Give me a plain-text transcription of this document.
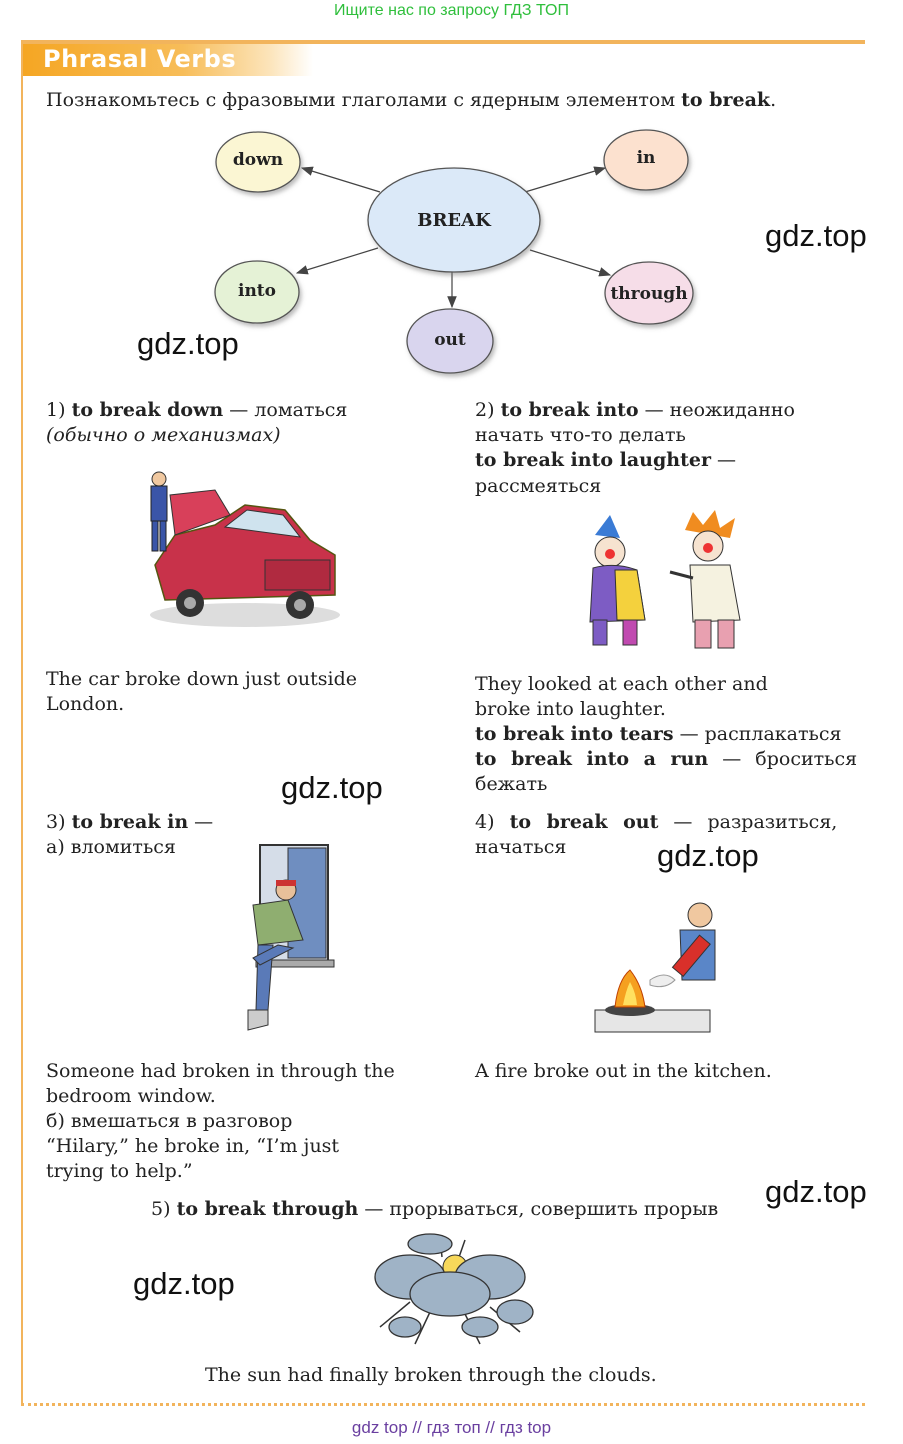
Ищите нас по запросу ГДЗ ТОП
Phrasal Verbs
Познакомьтесь с фразовыми глаголами с ядерным элементом to break.
BREAK
down	in
into	through
out
gdz.top
gdz.top
gdz.top
gdz.top
gdz.top
gdz.top
1) to break down — ломаться
(обычно о механизмах)
The car broke down just outside
London.
2) to break into — неожиданно
начать что-то делать
to break into laughter —
рассмеяться
They looked at each other and
broke into laughter.
to break into tears — расплакаться
to break into a run — броситься
бежать
3) to break in —
а) вломиться
Someone had broken in through the
bedroom window.
б) вмешаться в разговор
“Hilary,” he broke in, “I’m just
trying to help.”
4) to break out — разразиться,
начаться
A fire broke out in the kitchen.
5) to break through — прорываться, совершить прорыв
The sun had finally broken through the clouds.
gdz top // гдз топ // гдз top
